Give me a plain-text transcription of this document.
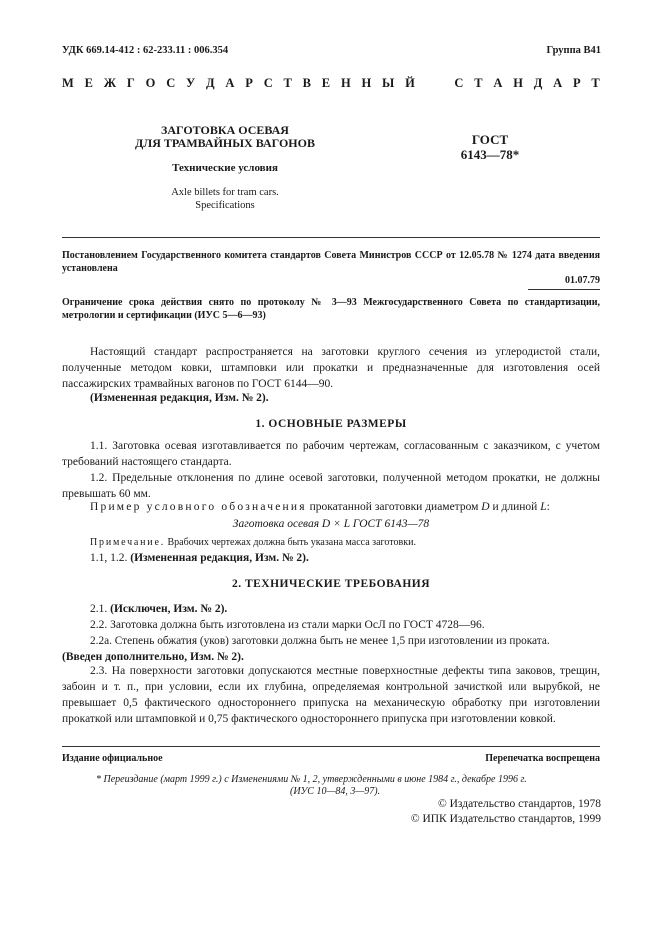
УДК 669.14-412 : 62-233.11 : 006.354	Группа В41
М Е Ж Г О С У Д А Р С Т В Е Н Н Ы Й	С Т А Н Д А Р Т
ЗАГОТОВКА ОСЕВАЯ
ДЛЯ ТРАМВАЙНЫХ ВАГОНОВ
Технические условия
Axle billets for tram cars.
Specifications
ГОСТ
6143—78*
Постановлением Государственного комитета стандартов Совета Министров СССР от 12.05.78 № 1274 дата введения установлена
01.07.79
Ограничение срока действия снято по протоколу № 3—93 Межгосударственного Совета по стандартизации, метрологии и сертификации (ИУС 5—6—93)
Настоящий стандарт распространяется на заготовки круглого сечения из углеродистой стали, полученные методом ковки, штамповки или прокатки и предназначенные для изготовления осей пассажирских трамвайных вагонов по ГОСТ 6144—90.
(Измененная редакция, Изм. № 2).
1. ОСНОВНЫЕ РАЗМЕРЫ
1.1. Заготовка осевая изготавливается по рабочим чертежам, согласованным с заказчиком, с учетом требований настоящего стандарта.
1.2. Предельные отклонения по длине осевой заготовки, полученной методом прокатки, не должны превышать 60 мм.
Пример условного обозначения прокатанной заготовки диаметром D и длиной L:
Заготовка осевая D × L ГОСТ 6143—78
Примечание. Врабочих чертежах должна быть указана масса заготовки.
1.1, 1.2. (Измененная редакция, Изм. № 2).
2. ТЕХНИЧЕСКИЕ ТРЕБОВАНИЯ
2.1. (Исключен, Изм. № 2).
2.2. Заготовка должна быть изготовлена из стали марки ОсЛ по ГОСТ 4728—96.
2.2а. Степень обжатия (уков) заготовки должна быть не менее 1,5 при изготовлении из проката.
(Введен дополнительно, Изм. № 2).
2.3. На поверхности заготовки допускаются местные поверхностные дефекты типа заковов, трещин, забоин и т. п., при условии, если их глубина, определяемая контрольной зачисткой или вырубкой, не превышает 0,5 фактического одностороннего припуска на механическую обработку при изготовлении прокаткой или штамповкой и 0,75 фактического одностороннего припуска при изготовлении ковкой.
Издание официальное	Перепечатка воспрещена
* Переиздание (март 1999 г.) с Изменениями № 1, 2, утвержденными в июне 1984 г., декабре 1996 г.
(ИУС 10—84, 3—97).
© Издательство стандартов, 1978
© ИПК Издательство стандартов, 1999
